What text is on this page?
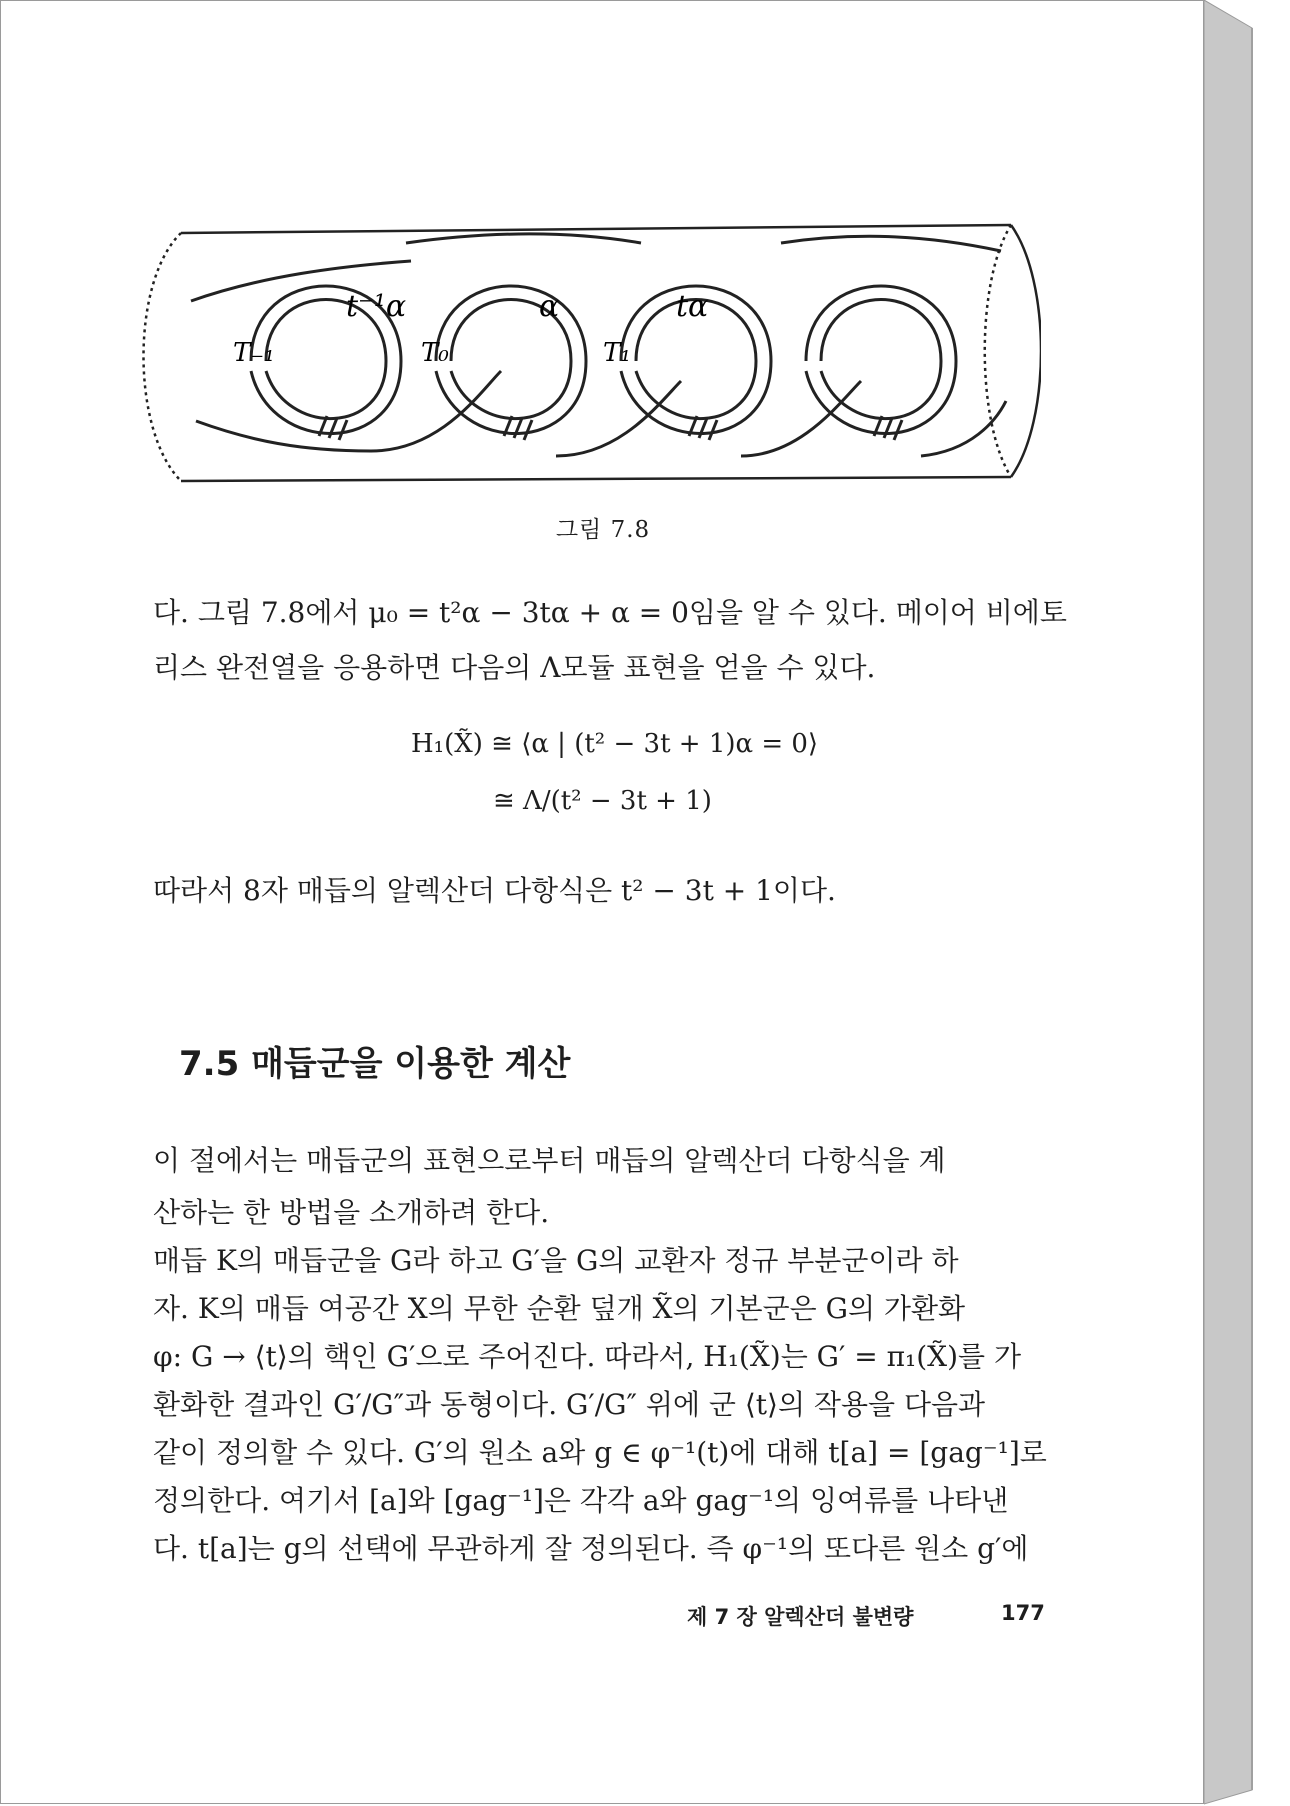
t⁻¹α	α	tα
T₋₁	T₀	T₁
그림 7.8
다. 그림 7.8에서 μ₀ = t²α − 3tα + α = 0임을 알 수 있다. 메이어 비에토
리스 완전열을 응용하면 다음의 Λ모듈 표현을 얻을 수 있다.
H₁(X̃) ≅ ⟨α | (t² − 3t + 1)α = 0⟩
≅ Λ/(t² − 3t + 1)
따라서 8자 매듭의 알렉산더 다항식은 t² − 3t + 1이다.
7.5 매듭군을 이용한 계산
이 절에서는 매듭군의 표현으로부터 매듭의 알렉산더 다항식을 계
산하는 한 방법을 소개하려 한다.
매듭 K의 매듭군을 G라 하고 G′을 G의 교환자 정규 부분군이라 하
자. K의 매듭 여공간 X의 무한 순환 덮개 X̃의 기본군은 G의 가환화
φ: G → ⟨t⟩의 핵인 G′으로 주어진다. 따라서, H₁(X̃)는 G′ = π₁(X̃)를 가
환화한 결과인 G′/G″과 동형이다. G′/G″ 위에 군 ⟨t⟩의 작용을 다음과
같이 정의할 수 있다. G′의 원소 a와 g ∈ φ⁻¹(t)에 대해 t[a] = [gag⁻¹]로
정의한다. 여기서 [a]와 [gag⁻¹]은 각각 a와 gag⁻¹의 잉여류를 나타낸
다. t[a]는 g의 선택에 무관하게 잘 정의된다. 즉 φ⁻¹의 또다른 원소 g′에
제 7 장 알렉산더 불변량	177
